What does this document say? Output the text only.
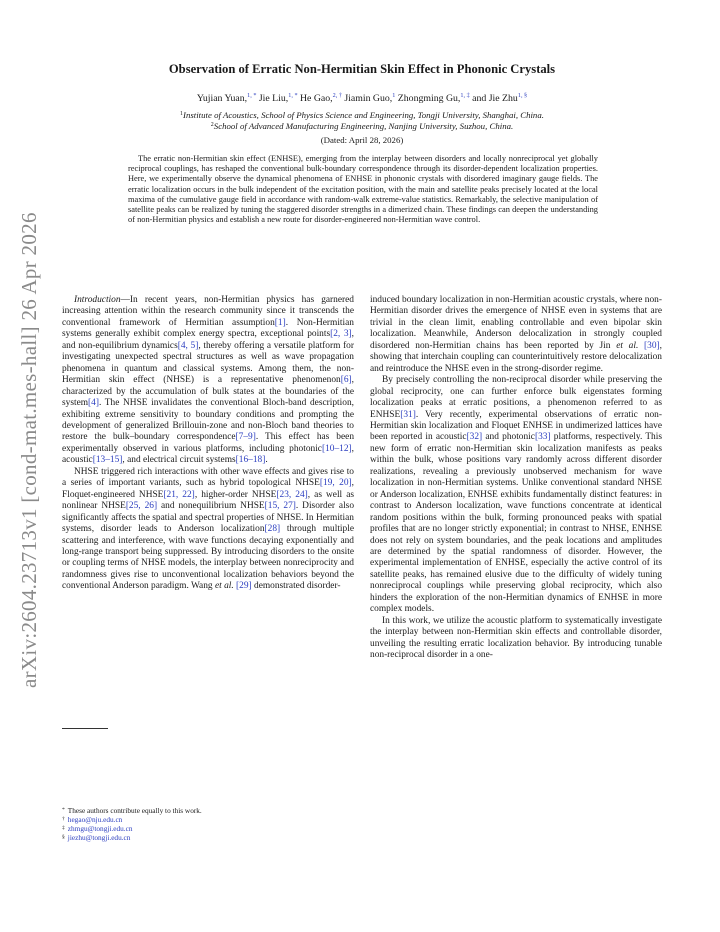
arXiv:2604.23713v1 [cond-mat.mes-hall] 26 Apr 2026
Observation of Erratic Non-Hermitian Skin Effect in Phononic Crystals
Yujian Yuan,$^{1, *}$ Jie Liu,$^{1, *}$ He Gao,$^{2, \dagger}$ Jiamin Guo,$^1$ Zhongming Gu,$^{1, \ddagger}$ and Jie Zhu$^{1, \S}$
$^1$Institute of Acoustics, School of Physics Science and Engineering, Tongji University, Shanghai, China.
$^2$School of Advanced Manufacturing Engineering, Nanjing University, Suzhou, China.
(Dated: April 28, 2026)
The erratic non-Hermitian skin effect (ENHSE), emerging from the interplay between disorders and locally nonreciprocal yet globally reciprocal couplings, has reshaped the conventional bulk-boundary correspondence through its disorder-dependent localization properties. Here, we experimentally observe the dynamical phenomena of ENHSE in phononic crystals with disordered imaginary gauge fields. The erratic localization occurs in the bulk independent of the excitation position, with the main and satellite peaks precisely located at the local maxima of the cumulative gauge field in accordance with random-walk extreme-value statistics. Remarkably, the selective manipulation of satellite peaks can be realized by tuning the staggered disorder strengths in a dimerized chain. These findings can deepen the understanding of non-Hermitian physics and establish a new route for disorder-engineered non-Hermitian wave control.

Introduction—In recent years, non-Hermitian physics has garnered increasing attention within the research community since it transcends the conventional framework of Hermitian assumption[1]. Non-Hermitian systems generally exhibit complex energy spectra, exceptional points[2, 3], and non-equilibrium dynamics[4, 5], thereby offering a versatile platform for investigating unexpected spectral structures as well as wave propagation phenomena in quantum and classical systems. Among them, the non-Hermitian skin effect (NHSE) is a representative phenomenon[6], characterized by the accumulation of bulk states at the boundaries of the system[4]. The NHSE invalidates the conventional Bloch-band description, exhibiting extreme sensitivity to boundary conditions and prompting the development of generalized Brillouin-zone and non-Bloch band theories to restore the bulk–boundary correspondence[7–9]. This effect has been experimentally observed in various platforms, including photonic[10–12], acoustic[13–15], and electrical circuit systems[16–18].

NHSE triggered rich interactions with other wave effects and gives rise to a series of important variants, such as hybrid topological NHSE[19, 20], Floquet-engineered NHSE[21, 22], higher-order NHSE[23, 24], as well as nonlinear NHSE[25, 26] and nonequilibrium NHSE[15, 27]. Disorder also significantly affects the spatial and spectral properties of NHSE. In Hermitian systems, disorder leads to Anderson localization[28] through multiple scattering and interference, with wave functions decaying exponentially and long-range transport being suppressed. By introducing disorders to the onsite or coupling terms of NHSE models, the interplay between nonreciprocity and randomness gives rise to unconventional localization behaviors beyond the conventional Anderson paradigm. Wang et al. [29] demonstrated disorder-

* These authors contribute equally to this work.
† hegao@nju.edu.cn
‡ zhmgu@tongji.edu.cn
§ jiezhu@tongji.edu.cn

induced boundary localization in non-Hermitian acoustic crystals, where non-Hermitian disorder drives the emergence of NHSE even in systems that are trivial in the clean limit, enabling controllable and even bipolar skin localization. Meanwhile, Anderson delocalization in strongly coupled disordered non-Hermitian chains has been reported by Jin et al. [30], showing that interchain coupling can counterintuitively restore delocalization and reintroduce the NHSE even in the strong-disorder regime.

By precisely controlling the non-reciprocal disorder while preserving the global reciprocity, one can further enforce bulk eigenstates forming localization peaks at erratic positions, a phenomenon referred to as ENHSE[31]. Very recently, experimental observations of erratic non-Hermitian skin localization and Floquet ENHSE in undimerized lattices have been reported in acoustic[32] and photonic[33] platforms, respectively. This new form of erratic non-Hermitian skin localization manifests as peaks within the bulk, whose positions vary randomly across different disorder realizations, revealing a previously unobserved mechanism for wave localization in non-Hermitian systems. Unlike conventional standard NHSE or Anderson localization, ENHSE exhibits fundamentally distinct features: in contrast to Anderson localization, wave functions concentrate at identical random positions within the bulk, forming pronounced peaks with spatial profiles that are no longer strictly exponential; in contrast to NHSE, ENHSE does not rely on system boundaries, and the peak locations and amplitudes are determined by the spatial randomness of disorder. However, the experimental implementation of ENHSE, especially the active control of its satellite peaks, has remained elusive due to the difficulty of widely tuning nonreciprocal couplings while preserving global reciprocity, which also hinders the exploration of the non-Hermitian dynamics of ENHSE in more complex models.

In this work, we utilize the acoustic platform to systematically investigate the interplay between non-Hermitian skin effects and controllable disorder, unveiling the resulting erratic localization behavior. By introducing tunable non-reciprocal disorder in a one-
